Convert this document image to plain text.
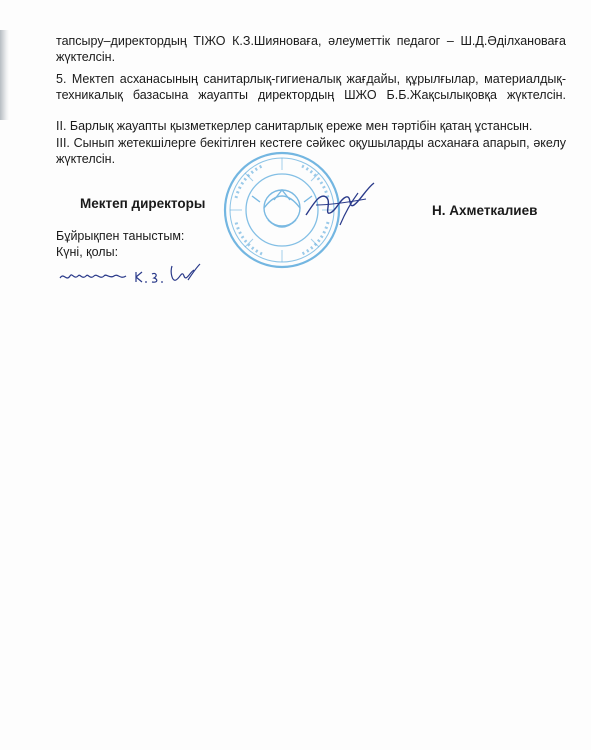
тапсыру–директордың ТІЖО К.З.Шияноваға, әлеуметтік педагог – Ш.Д.Әділхановаға жүктелсін.
5. Мектеп асханасының санитарлық-гигиеналық жағдайы, құрылғылар, материалдық-техникалық базасына жауапты директордың ШЖО Б.Б.Жақсылықовқа жүктелсін.
II. Барлық жауапты қызметкерлер санитарлық ереже мен тәртібін қатаң ұстансын.
III. Сынып жетекшілерге бекітілген кестеге сәйкес оқушыларды асханаға апарып, әкелу жүктелсін.
Мектеп директоры	Н. Ахметкалиев
Бұйрықпен таныстым:
Күні, қолы:
